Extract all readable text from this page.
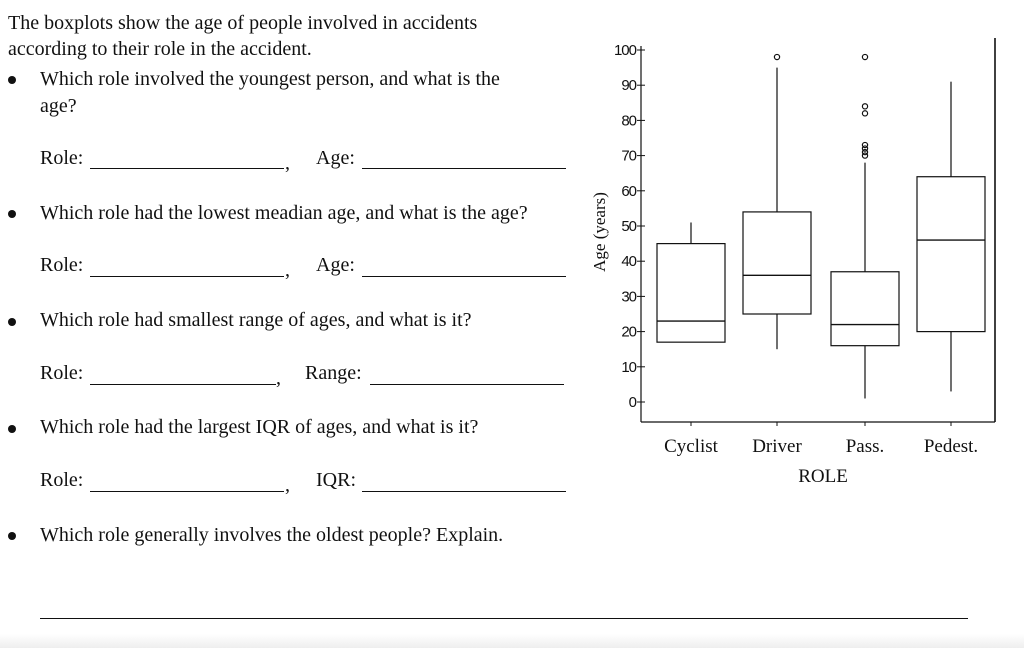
The boxplots show the age of people involved in accidents
according to their role in the accident.
Which role involved the youngest person, and what is the
age?
Role:	, Age:
Which role had the lowest meadian age, and what is the age?
Role:	, Age:
Which role had smallest range of ages, and what is it?
Role:	, Range:
Which role had the largest IQR of ages, and what is it?
Role:	, IQR:
Which role generally involves the oldest people? Explain.
0
10
20
30
40
50
60
70
80
90
100
Cyclist Driver Pass. Pedest.
Age (years)
ROLE
